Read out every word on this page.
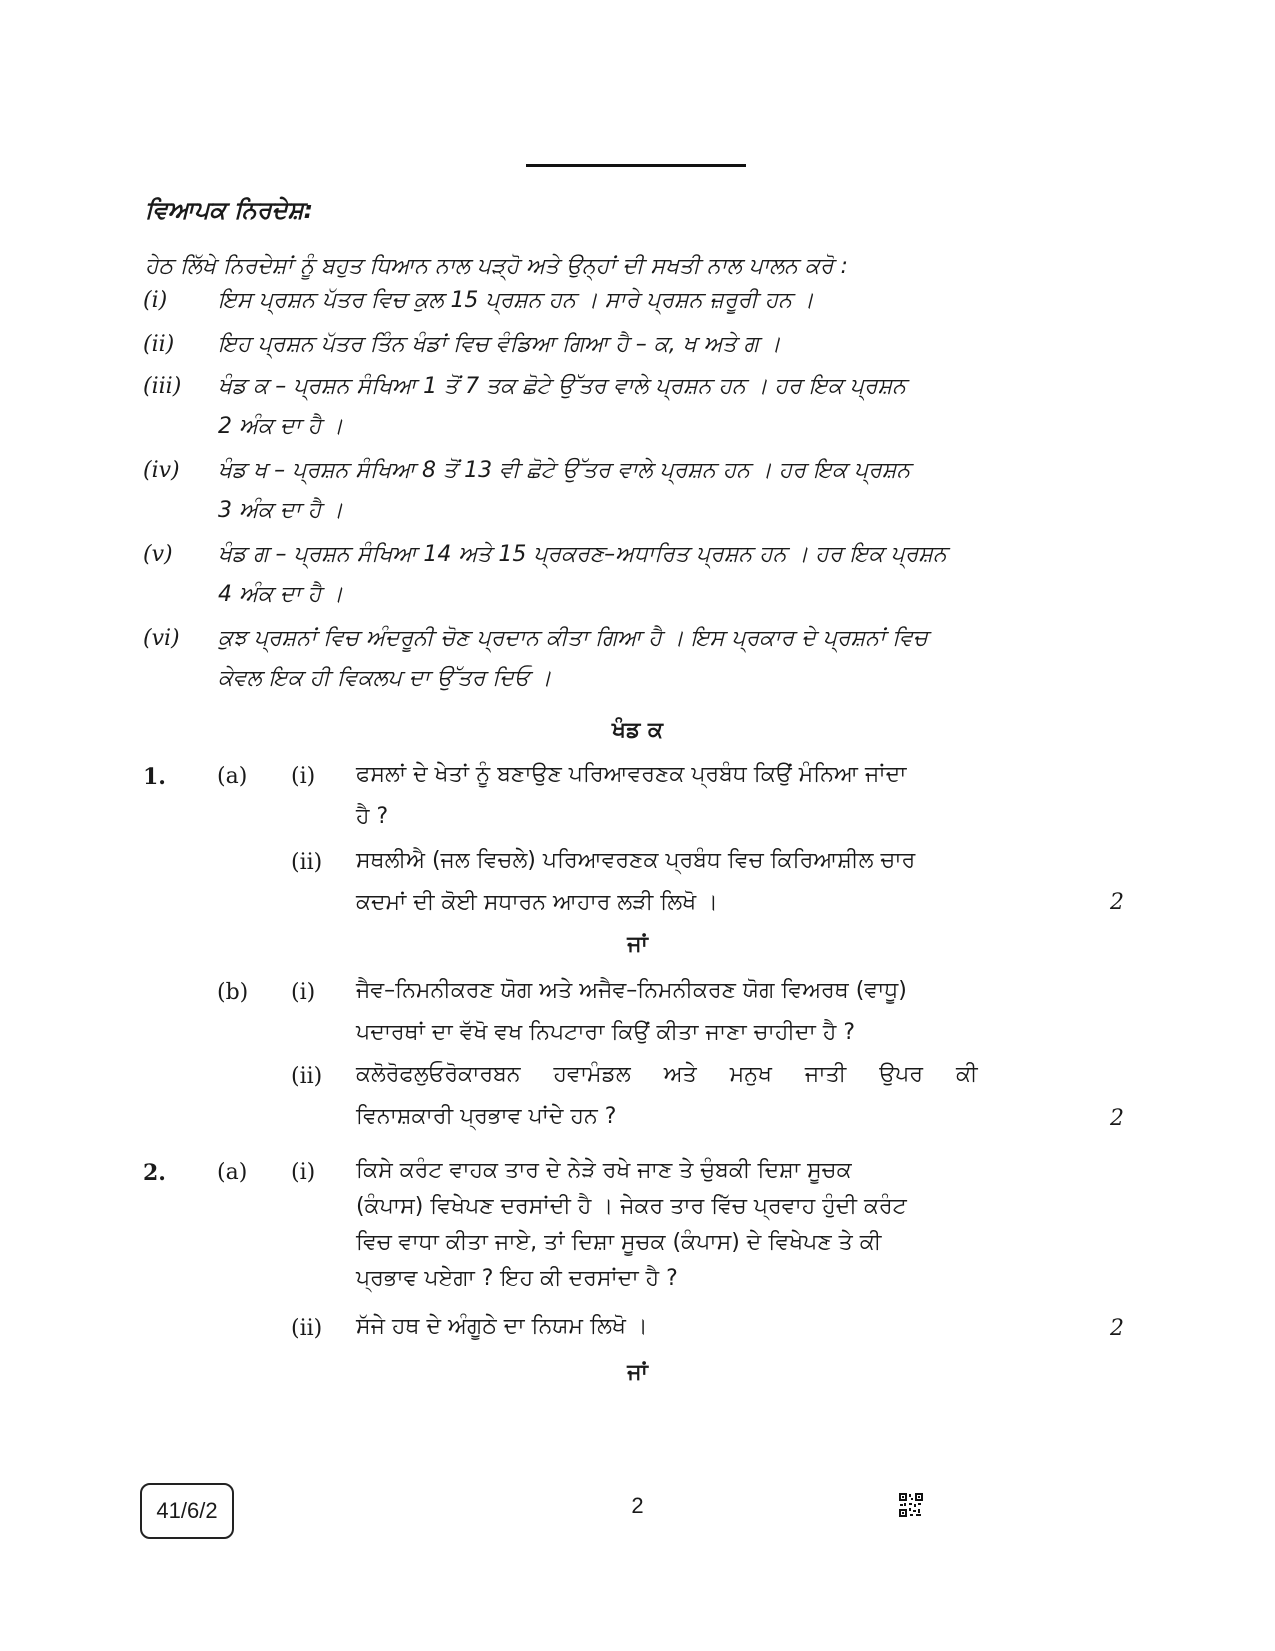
ਵਿਆਪਕ ਨਿਰਦੇਸ਼:
ਹੇਠ ਲਿੱਖੇ ਨਿਰਦੇਸ਼ਾਂ ਨੂੰ ਬਹੁਤ ਧਿਆਨ ਨਾਲ ਪੜ੍ਹੋ ਅਤੇ ਉਨ੍ਹਾਂ ਦੀ ਸਖਤੀ ਨਾਲ ਪਾਲਨ ਕਰੋ :
(i) ਇਸ ਪ੍ਰਸ਼ਨ ਪੱਤਰ ਵਿਚ ਕੁਲ 15 ਪ੍ਰਸ਼ਨ ਹਨ । ਸਾਰੇ ਪ੍ਰਸ਼ਨ ਜ਼ਰੂਰੀ ਹਨ ।
(ii) ਇਹ ਪ੍ਰਸ਼ਨ ਪੱਤਰ ਤਿੰਨ ਖੰਡਾਂ ਵਿਚ ਵੰਡਿਆ ਗਿਆ ਹੈ – ਕ, ਖ ਅਤੇ ਗ ।
(iii) ਖੰਡ ਕ – ਪ੍ਰਸ਼ਨ ਸੰਖਿਆ 1 ਤੋਂ 7 ਤਕ ਛੋਟੇ ਉੱਤਰ ਵਾਲੇ ਪ੍ਰਸ਼ਨ ਹਨ । ਹਰ ਇਕ ਪ੍ਰਸ਼ਨ
2 ਅੰਕ ਦਾ ਹੈ ।
(iv) ਖੰਡ ਖ – ਪ੍ਰਸ਼ਨ ਸੰਖਿਆ 8 ਤੋਂ 13 ਵੀ ਛੋਟੇ ਉੱਤਰ ਵਾਲੇ ਪ੍ਰਸ਼ਨ ਹਨ । ਹਰ ਇਕ ਪ੍ਰਸ਼ਨ
3 ਅੰਕ ਦਾ ਹੈ ।
(v) ਖੰਡ ਗ – ਪ੍ਰਸ਼ਨ ਸੰਖਿਆ 14 ਅਤੇ 15 ਪ੍ਰਕਰਣ–ਅਧਾਰਿਤ ਪ੍ਰਸ਼ਨ ਹਨ । ਹਰ ਇਕ ਪ੍ਰਸ਼ਨ
4 ਅੰਕ ਦਾ ਹੈ ।
(vi) ਕੁਝ ਪ੍ਰਸ਼ਨਾਂ ਵਿਚ ਅੰਦਰੂਨੀ ਚੋਣ ਪ੍ਰਦਾਨ ਕੀਤਾ ਗਿਆ ਹੈ । ਇਸ ਪ੍ਰਕਾਰ ਦੇ ਪ੍ਰਸ਼ਨਾਂ ਵਿਚ
ਕੇਵਲ ਇਕ ਹੀ ਵਿਕਲਪ ਦਾ ਉੱਤਰ ਦਿਓ ।
ਖੰਡ ਕ
1. (a) (i) ਫਸਲਾਂ ਦੇ ਖੇਤਾਂ ਨੂੰ ਬਣਾਉਣ ਪਰਿਆਵਰਣਕ ਪ੍ਰਬੰਧ ਕਿਉਂ ਮੰਨਿਆ ਜਾਂਦਾ
ਹੈ ?
(ii) ਸਥਲੀਐ (ਜਲ ਵਿਚਲੇ) ਪਰਿਆਵਰਣਕ ਪ੍ਰਬੰਧ ਵਿਚ ਕਿਰਿਆਸ਼ੀਲ ਚਾਰ
ਕਦਮਾਂ ਦੀ ਕੋਈ ਸਧਾਰਨ ਆਹਾਰ ਲੜੀ ਲਿਖੋ ।	2
ਜਾਂ
(b) (i) ਜੈਵ–ਨਿਮਨੀਕਰਣ ਯੋਗ ਅਤੇ ਅਜੈਵ–ਨਿਮਨੀਕਰਣ ਯੋਗ ਵਿਅਰਥ (ਵਾਧੂ)
ਪਦਾਰਥਾਂ ਦਾ ਵੱਖੋ ਵਖ ਨਿਪਟਾਰਾ ਕਿਉਂ ਕੀਤਾ ਜਾਣਾ ਚਾਹੀਦਾ ਹੈ ?
(ii) ਕਲੋਰੋਫਲੁਓਰੋਕਾਰਬਨ ਹਵਾਮੰਡਲ ਅਤੇ ਮਨੁਖ ਜਾਤੀ ਉਪਰ ਕੀ
ਵਿਨਾਸ਼ਕਾਰੀ ਪ੍ਰਭਾਵ ਪਾਂਦੇ ਹਨ ?	2
2. (a) (i) ਕਿਸੇ ਕਰੰਟ ਵਾਹਕ ਤਾਰ ਦੇ ਨੇੜੇ ਰਖੇ ਜਾਣ ਤੇ ਚੁੰਬਕੀ ਦਿਸ਼ਾ ਸੂਚਕ
(ਕੰਪਾਸ) ਵਿਖੇਪਣ ਦਰਸਾਂਦੀ ਹੈ । ਜੇਕਰ ਤਾਰ ਵਿੱਚ ਪ੍ਰਵਾਹ ਹੁੰਦੀ ਕਰੰਟ
ਵਿਚ ਵਾਧਾ ਕੀਤਾ ਜਾਏ, ਤਾਂ ਦਿਸ਼ਾ ਸੂਚਕ (ਕੰਪਾਸ) ਦੇ ਵਿਖੇਪਣ ਤੇ ਕੀ
ਪ੍ਰਭਾਵ ਪਏਗਾ ? ਇਹ ਕੀ ਦਰਸਾਂਦਾ ਹੈ ?
(ii) ਸੱਜੇ ਹਥ ਦੇ ਅੰਗੂਠੇ ਦਾ ਨਿਯਮ ਲਿਖੋ ।	2
ਜਾਂ
41/6/2	2
